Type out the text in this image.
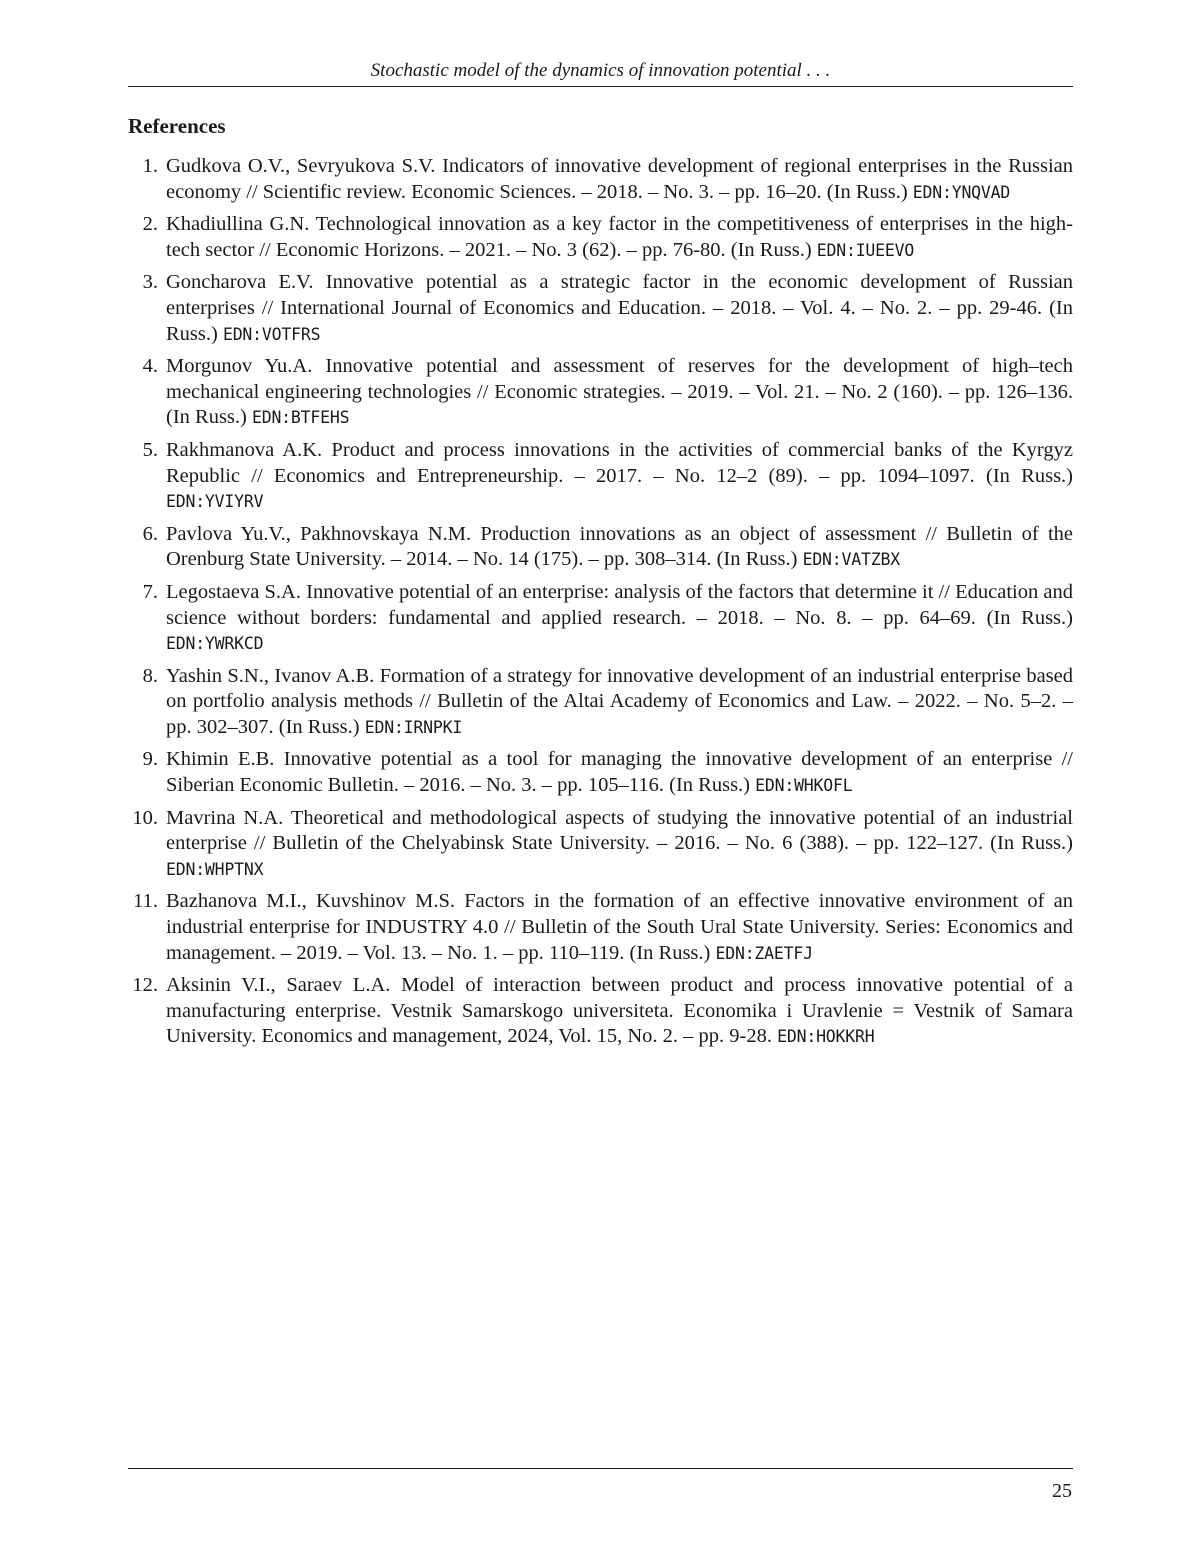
Stochastic model of the dynamics of innovation potential . . .
References
1. Gudkova O.V., Sevryukova S.V. Indicators of innovative development of regional enterprises in the Russian economy // Scientific review. Economic Sciences. – 2018. – No. 3. – pp. 16–20. (In Russ.) EDN:YNQVAD
2. Khadiullina G.N. Technological innovation as a key factor in the competitiveness of enterprises in the high-tech sector // Economic Horizons. – 2021. – No. 3 (62). – pp. 76-80. (In Russ.) EDN:IUEEVO
3. Goncharova E.V. Innovative potential as a strategic factor in the economic development of Russian enterprises // International Journal of Economics and Education. – 2018. – Vol. 4. – No. 2. – pp. 29-46. (In Russ.) EDN:VOTFRS
4. Morgunov Yu.A. Innovative potential and assessment of reserves for the development of high–tech mechanical engineering technologies // Economic strategies. – 2019. – Vol. 21. – No. 2 (160). – pp. 126–136. (In Russ.) EDN:BTFEHS
5. Rakhmanova A.K. Product and process innovations in the activities of commercial banks of the Kyrgyz Republic // Economics and Entrepreneurship. – 2017. – No. 12–2 (89). – pp. 1094–1097. (In Russ.) EDN:YVIYRV
6. Pavlova Yu.V., Pakhnovskaya N.M. Production innovations as an object of assessment // Bulletin of the Orenburg State University. – 2014. – No. 14 (175). – pp. 308–314. (In Russ.) EDN:VATZBX
7. Legostaeva S.A. Innovative potential of an enterprise: analysis of the factors that determine it // Education and science without borders: fundamental and applied research. – 2018. – No. 8. – pp. 64–69. (In Russ.) EDN:YWRKCD
8. Yashin S.N., Ivanov A.B. Formation of a strategy for innovative development of an industrial enterprise based on portfolio analysis methods // Bulletin of the Altai Academy of Economics and Law. – 2022. – No. 5–2. – pp. 302–307. (In Russ.) EDN:IRNPKI
9. Khimin E.B. Innovative potential as a tool for managing the innovative development of an enterprise // Siberian Economic Bulletin. – 2016. – No. 3. – pp. 105–116. (In Russ.) EDN:WHKOFL
10. Mavrina N.A. Theoretical and methodological aspects of studying the innovative potential of an industrial enterprise // Bulletin of the Chelyabinsk State University. – 2016. – No. 6 (388). – pp. 122–127. (In Russ.) EDN:WHPTNX
11. Bazhanova M.I., Kuvshinov M.S. Factors in the formation of an effective innovative environment of an industrial enterprise for INDUSTRY 4.0 // Bulletin of the South Ural State University. Series: Economics and management. – 2019. – Vol. 13. – No. 1. – pp. 110–119. (In Russ.) EDN:ZAETFJ
12. Aksinin V.I., Saraev L.A. Model of interaction between product and process innovative potential of a manufacturing enterprise. Vestnik Samarskogo universiteta. Economika i Uravlenie = Vestnik of Samara University. Economics and management, 2024, Vol. 15, No. 2. – pp. 9-28. EDN:HOKKRH
25
